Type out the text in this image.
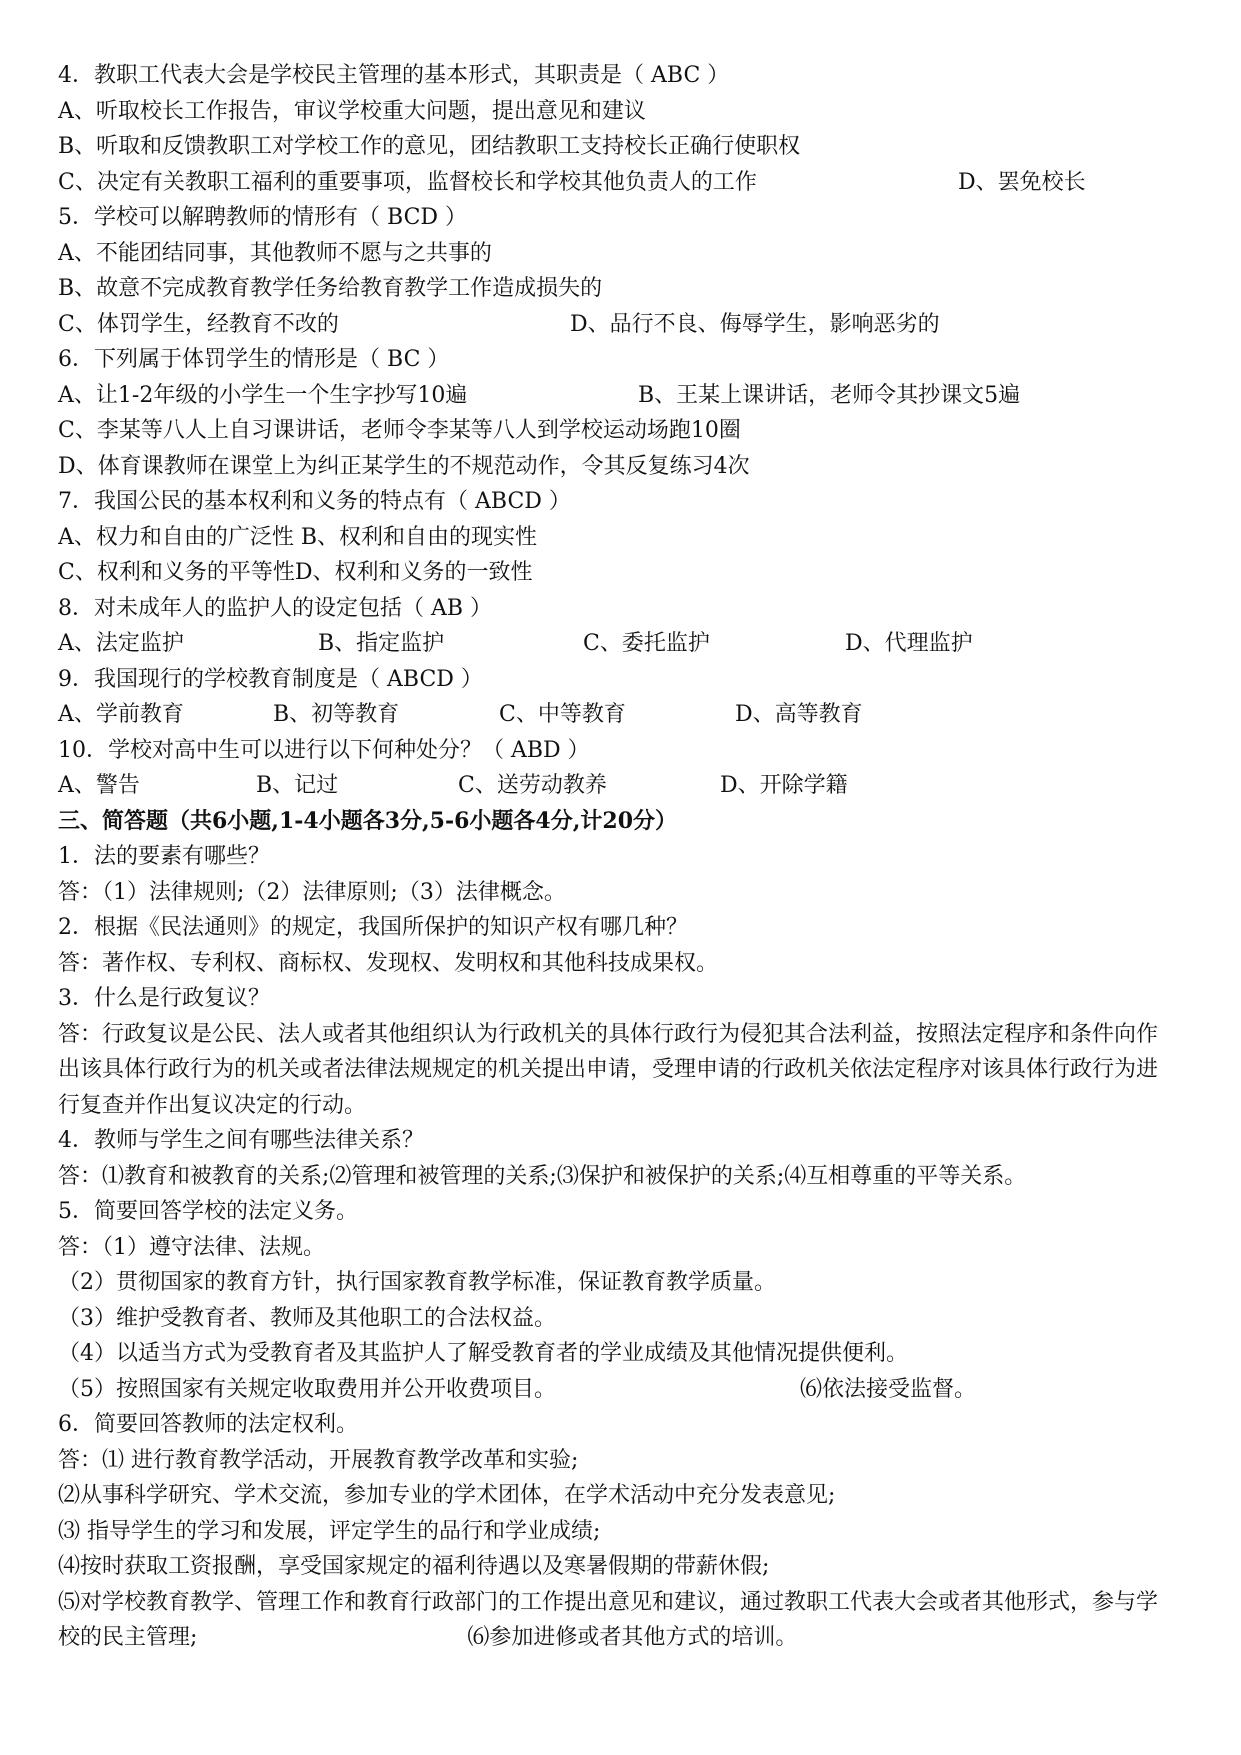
4．教职工代表大会是学校民主管理的基本形式，其职责是（ ABC ）
A、听取校长工作报告，审议学校重大问题，提出意见和建议
B、听取和反馈教职工对学校工作的意见，团结教职工支持校长正确行使职权
C、决定有关教职工福利的重要事项，监督校长和学校其他负责人的工作	D、罢免校长
5．学校可以解聘教师的情形有（ BCD ）
A、不能团结同事，其他教师不愿与之共事的
B、故意不完成教育教学任务给教育教学工作造成损失的
C、体罚学生，经教育不改的	D、品行不良、侮辱学生，影响恶劣的
6．下列属于体罚学生的情形是（ BC ）
A、让1-2年级的小学生一个生字抄写10遍	B、王某上课讲话，老师令其抄课文5遍
C、李某等八人上自习课讲话，老师令李某等八人到学校运动场跑10圈
D、体育课教师在课堂上为纠正某学生的不规范动作，令其反复练习4次
7．我国公民的基本权利和义务的特点有（ ABCD ）
A、权力和自由的广泛性 B、权利和自由的现实性
C、权利和义务的平等性D、权利和义务的一致性
8．对未成年人的监护人的设定包括（ AB ）
A、法定监护	B、指定监护	C、委托监护	D、代理监护
9．我国现行的学校教育制度是（ ABCD ）
A、学前教育	B、初等教育	C、中等教育	D、高等教育
10．学校对高中生可以进行以下何种处分？（ ABD ）
A、警告	B、记过	C、送劳动教养	D、开除学籍
三、简答题（共6小题,1-4小题各3分,5-6小题各4分,计20分）
1．法的要素有哪些？
答：（1）法律规则;（2）法律原则;（3）法律概念。
2．根据《民法通则》的规定，我国所保护的知识产权有哪几种？
答：著作权、专利权、商标权、发现权、发明权和其他科技成果权。
3．什么是行政复议？

答：行政复议是公民、法人或者其他组织认为行政机关的具体行政行为侵犯其合法利益，按照法定程序和条件向作出该具体行政行为的机关或者法律法规规定的机关提出申请，受理申请的行政机关依法定程序对该具体行政行为进行复查并作出复议决定的行动。

4．教师与学生之间有哪些法律关系？

答：⑴教育和被教育的关系;⑵管理和被管理的关系;⑶保护和被保护的关系;⑷互相尊重的平等关系。

5．简要回答学校的法定义务。
答：（1）遵守法律、法规。
（2）贯彻国家的教育方针，执行国家教育教学标准，保证教育教学质量。
（3）维护受教育者、教师及其他职工的合法权益。
（4）以适当方式为受教育者及其监护人了解受教育者的学业成绩及其他情况提供便利。
（5）按照国家有关规定收取费用并公开收费项目。	⑹依法接受监督。
6．简要回答教师的法定权利。
答：⑴ 进行教育教学活动，开展教育教学改革和实验;
⑵从事科学研究、学术交流，参加专业的学术团体，在学术活动中充分发表意见;
⑶ 指导学生的学习和发展，评定学生的品行和学业成绩;
⑷按时获取工资报酬，享受国家规定的福利待遇以及寒暑假期的带薪休假;

⑸对学校教育教学、管理工作和教育行政部门的工作提出意见和建议，通过教职工代表大会或者其他形式，参与学校的民主管理;	⑹参加进修或者其他方式的培训。
